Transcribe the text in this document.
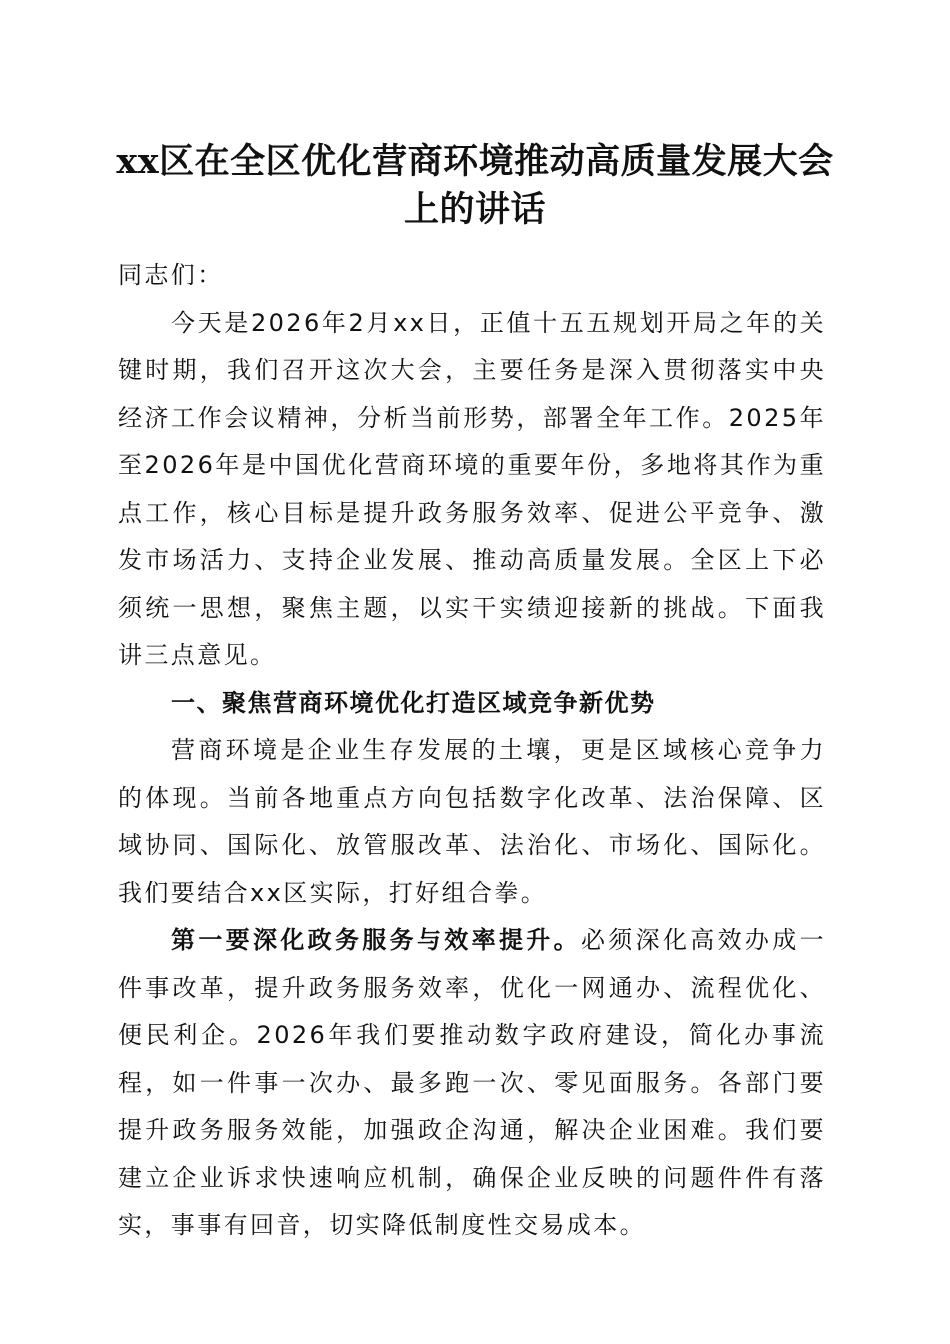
xx区在全区优化营商环境推动高质量发展大会上的讲话

同志们：

今天是2026年2月xx日，正值十五五规划开局之年的关键时期，我们召开这次大会，主要任务是深入贯彻落实中央经济工作会议精神，分析当前形势，部署全年工作。2025年至2026年是中国优化营商环境的重要年份，多地将其作为重点工作，核心目标是提升政务服务效率、促进公平竞争、激发市场活力、支持企业发展、推动高质量发展。全区上下必须统一思想，聚焦主题，以实干实绩迎接新的挑战。下面我讲三点意见。

一、聚焦营商环境优化打造区域竞争新优势

营商环境是企业生存发展的土壤，更是区域核心竞争力的体现。当前各地重点方向包括数字化改革、法治保障、区域协同、国际化、放管服改革、法治化、市场化、国际化。我们要结合xx区实际，打好组合拳。

第一要深化政务服务与效率提升。必须深化高效办成一件事改革，提升政务服务效率，优化一网通办、流程优化、便民利企。2026年我们要推动数字政府建设，简化办事流程，如一件事一次办、最多跑一次、零见面服务。各部门要提升政务服务效能，加强政企沟通，解决企业困难。我们要建立企业诉求快速响应机制，确保企业反映的问题件件有落实，事事有回音，切实降低制度性交易成本。
